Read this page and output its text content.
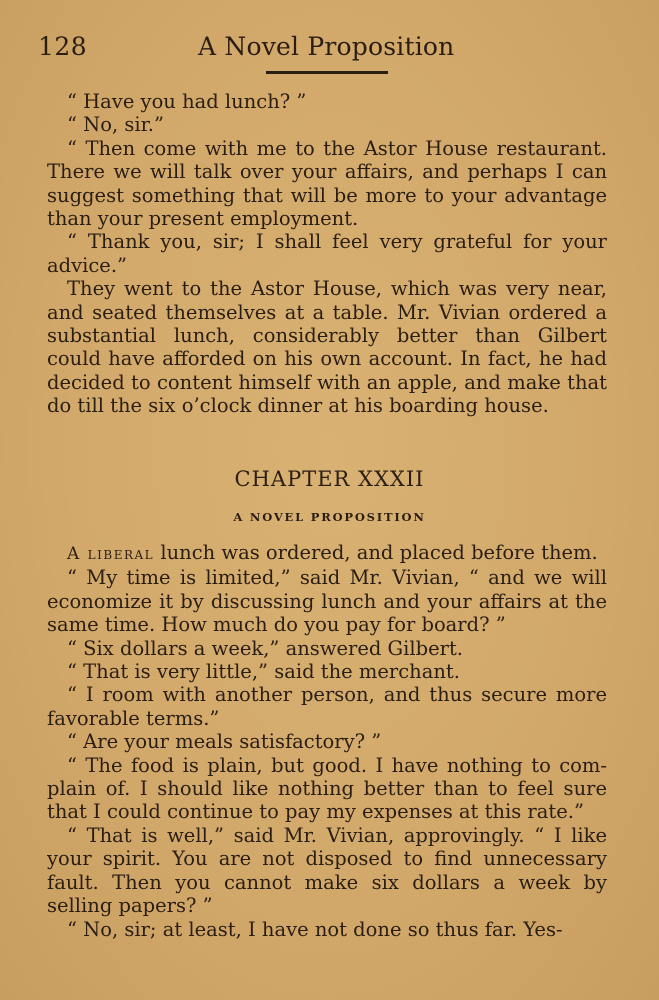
128	A Novel Proposition

“ Have you had lunch? ”

“ No, sir.”

“ Then come with me to the Astor House restaurant. There we will talk over your affairs, and perhaps I can suggest something that will be more to your advantage than your present employment.

“ Thank you, sir; I shall feel very grateful for your advice.”

They went to the Astor House, which was very near, and seated themselves at a table. Mr. Vivian ordered a substantial lunch, considerably better than Gilbert could have afforded on his own account. In fact, he had decided to content himself with an apple, and make that do till the six o’clock dinner at his boarding house.

CHAPTER XXXII
A NOVEL PROPOSITION

A liberal lunch was ordered, and placed before them.

“ My time is limited,” said Mr. Vivian, “ and we will economize it by discussing lunch and your affairs at the same time. How much do you pay for board? ”

“ Six dollars a week,” answered Gilbert.

“ That is very little,” said the merchant.

“ I room with another person, and thus secure more favorable terms.”

“ Are your meals satisfactory? ”

“ The food is plain, but good. I have nothing to complain of. I should like nothing better than to feel sure that I could continue to pay my expenses at this rate.”

“ That is well,” said Mr. Vivian, approvingly. “ I like your spirit. You are not disposed to find unnecessary fault. Then you cannot make six dollars a week by selling papers? ”

“ No, sir; at least, I have not done so thus far. Yes-
